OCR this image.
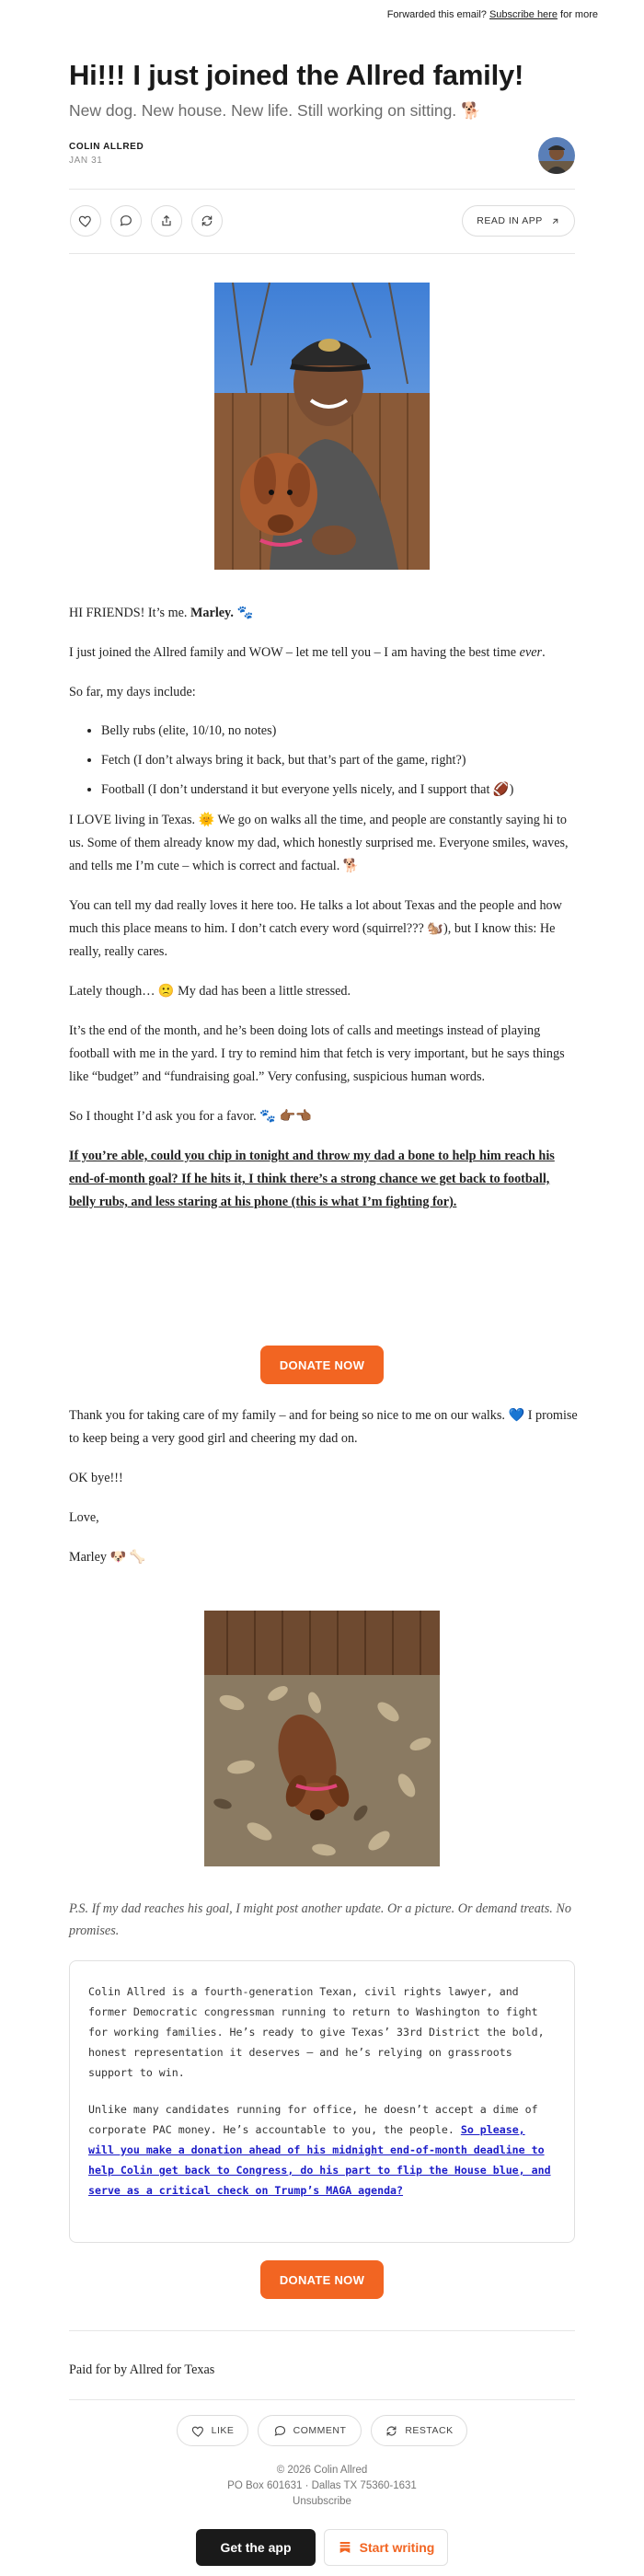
Forwarded this email? Subscribe here for more
Hi!!! I just joined the Allred family!
New dog. New house. New life. Still working on sitting. 🐕
COLIN ALLRED
JAN 31
READ IN APP

HI FRIENDS! It’s me. Marley. 🐾

I just joined the Allred family and WOW – let me tell you – I am having the best time ever.

So far, my days include:

• Belly rubs (elite, 10/10, no notes)
• Fetch (I don’t always bring it back, but that’s part of the game, right?)
• Football (I don’t understand it but everyone yells nicely, and I support that 🏈)

I LOVE living in Texas. 🌞 We go on walks all the time, and people are constantly saying hi to us. Some of them already know my dad, which honestly surprised me. Everyone smiles, waves, and tells me I’m cute – which is correct and factual. 🐕

You can tell my dad really loves it here too. He talks a lot about Texas and the people and how much this place means to him. I don’t catch every word (squirrel??? 🐿️), but I know this: He really, really cares.

Lately though… 🙁 My dad has been a little stressed.

It’s the end of the month, and he’s been doing lots of calls and meetings instead of playing football with me in the yard. I try to remind him that fetch is very important, but he says things like “budget” and “fundraising goal.” Very confusing, suspicious human words.

So I thought I’d ask you for a favor. 🐾 👉🏾👈🏾

If you’re able, could you chip in tonight and throw my dad a bone to help him reach his end-of-month goal? If he hits it, I think there’s a strong chance we get back to football, belly rubs, and less staring at his phone (this is what I’m fighting for).

DONATE NOW

Thank you for taking care of my family – and for being so nice to me on our walks. 💙 I promise to keep being a very good girl and cheering my dad on.

OK bye!!!

Love,

Marley 🐶 🦴

P.S. If my dad reaches his goal, I might post another update. Or a picture. Or demand treats. No promises.

Colin Allred is a fourth-generation Texan, civil rights lawyer, and former Democratic congressman running to return to Washington to fight for working families. He’s ready to give Texas’ 33rd District the bold, honest representation it deserves – and he’s relying on grassroots support to win.

Unlike many candidates running for office, he doesn’t accept a dime of corporate PAC money. He’s accountable to you, the people. So please, will you make a donation ahead of his midnight end-of-month deadline to help Colin get back to Congress, do his part to flip the House blue, and serve as a critical check on Trump’s MAGA agenda?

DONATE NOW
Paid for by Allred for Texas
LIKE	COMMENT	RESTACK
© 2026 Colin Allred
PO Box 601631 · Dallas TX 75360-1631
Unsubscribe
Get the app	Start writing
